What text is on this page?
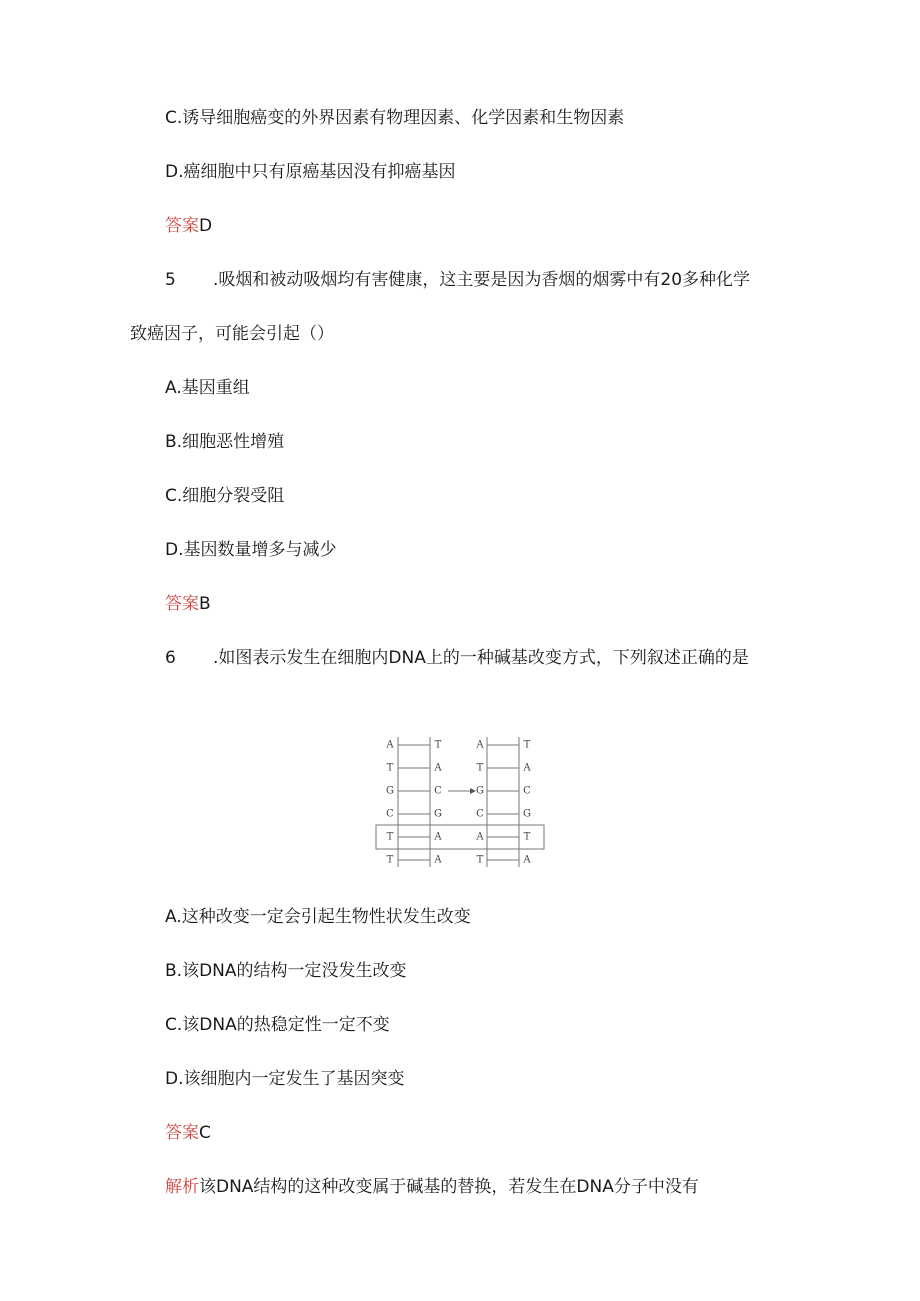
C.诱导细胞癌变的外界因素有物理因素、化学因素和生物因素
D.癌细胞中只有原癌基因没有抑癌基因
答案D
5 .吸烟和被动吸烟均有害健康，这主要是因为香烟的烟雾中有20多种化学
致癌因子，可能会引起（）
A.基因重组
B.细胞恶性增殖
C.细胞分裂受阻
D.基因数量增多与减少
答案B
6 .如图表示发生在细胞内DNA上的一种碱基改变方式，下列叙述正确的是
A	T
T	A
G	C
C	G
T	A
T	A
A	T
T	A
G	C
C	G
A	T
T	A
A.这种改变一定会引起生物性状发生改变
B.该DNA的结构一定没发生改变
C.该DNA的热稳定性一定不变
D.该细胞内一定发生了基因突变
答案C
解析该DNA结构的这种改变属于碱基的替换，若发生在DNA分子中没有
